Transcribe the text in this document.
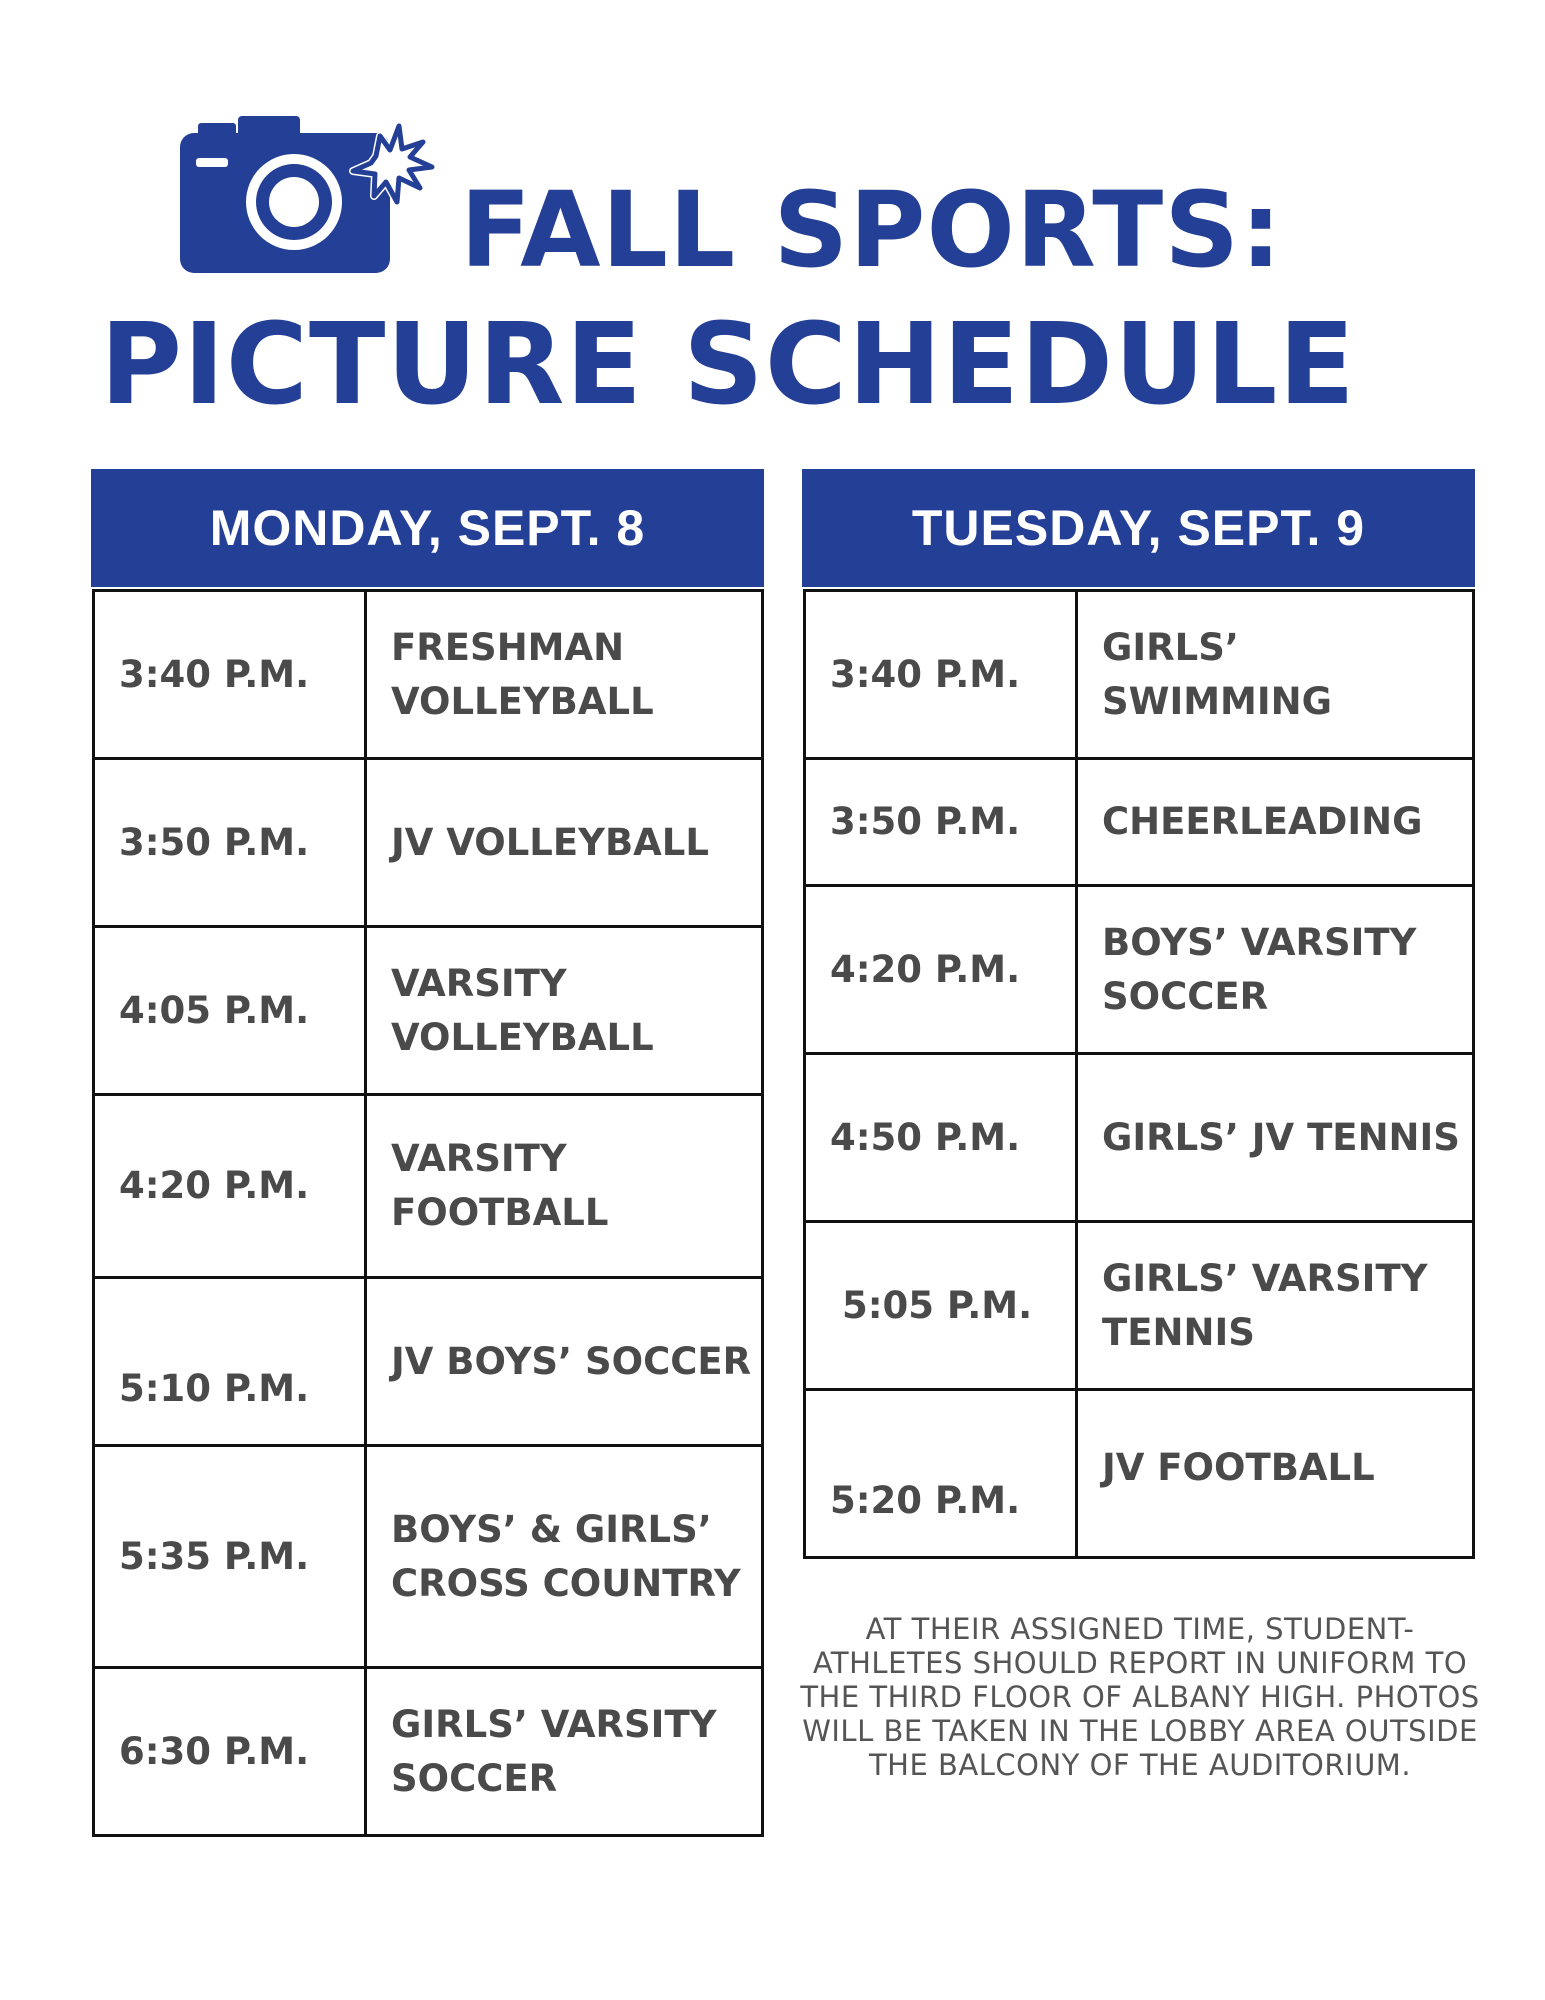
FALL SPORTS:
PICTURE SCHEDULE
MONDAY, SEPT. 8	TUESDAY, SEPT. 9
3:40 P.M.	FRESHMAN VOLLEYBALL
3:50 P.M.	JV VOLLEYBALL
4:05 P.M.	VARSITY VOLLEYBALL
4:20 P.M.	VARSITY FOOTBALL
5:10 P.M.	JV BOYS’ SOCCER
5:35 P.M.	BOYS’ & GIRLS’ CROSS COUNTRY
6:30 P.M.	GIRLS’ VARSITY SOCCER
3:40 P.M.	GIRLS’ SWIMMING
3:50 P.M.	CHEERLEADING
4:20 P.M.	BOYS’ VARSITY SOCCER
4:50 P.M.	GIRLS’ JV TENNIS
5:05 P.M.	GIRLS’ VARSITY TENNIS
5:20 P.M.	JV FOOTBALL

AT THEIR ASSIGNED TIME, STUDENT-ATHLETES SHOULD REPORT IN UNIFORM TO THE THIRD FLOOR OF ALBANY HIGH. PHOTOS WILL BE TAKEN IN THE LOBBY AREA OUTSIDE THE BALCONY OF THE AUDITORIUM.
